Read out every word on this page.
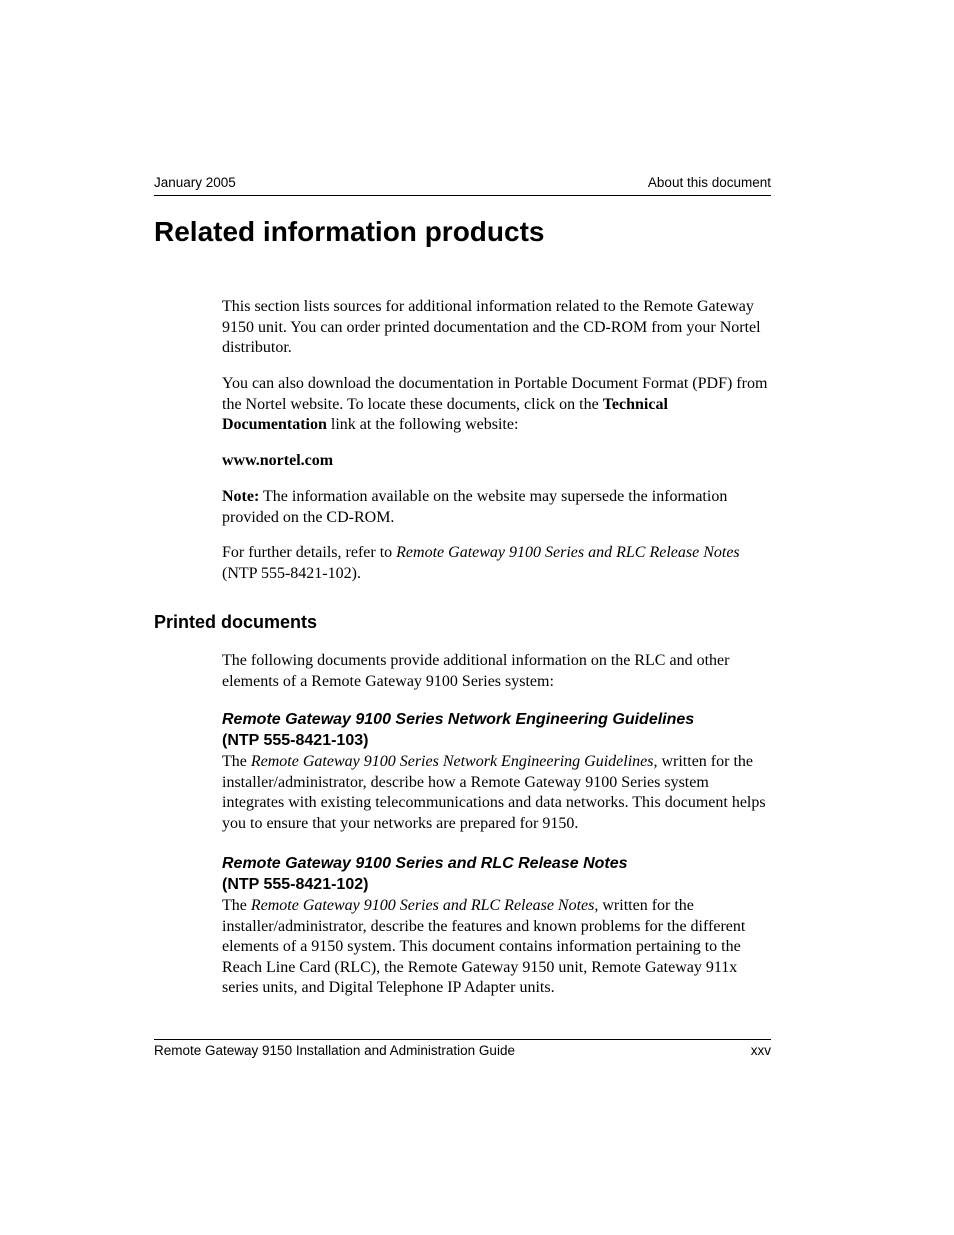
January 2005	About this document
Related information products
This section lists sources for additional information related to the Remote Gateway 9150 unit. You can order printed documentation and the CD-ROM from your Nortel distributor.
You can also download the documentation in Portable Document Format (PDF) from the Nortel website. To locate these documents, click on the Technical Documentation link at the following website:
www.nortel.com
Note: The information available on the website may supersede the information provided on the CD-ROM.
For further details, refer to Remote Gateway 9100 Series and RLC Release Notes (NTP 555-8421-102).
Printed documents
The following documents provide additional information on the RLC and other elements of a Remote Gateway 9100 Series system:
Remote Gateway 9100 Series Network Engineering Guidelines
(NTP 555-8421-103)
The Remote Gateway 9100 Series Network Engineering Guidelines, written for the installer/administrator, describe how a Remote Gateway 9100 Series system integrates with existing telecommunications and data networks. This document helps you to ensure that your networks are prepared for 9150.
Remote Gateway 9100 Series and RLC Release Notes
(NTP 555-8421-102)
The Remote Gateway 9100 Series and RLC Release Notes, written for the installer/administrator, describe the features and known problems for the different elements of a 9150 system. This document contains information pertaining to the Reach Line Card (RLC), the Remote Gateway 9150 unit, Remote Gateway 911x series units, and Digital Telephone IP Adapter units.
Remote Gateway 9150 Installation and Administration Guide	xxv
